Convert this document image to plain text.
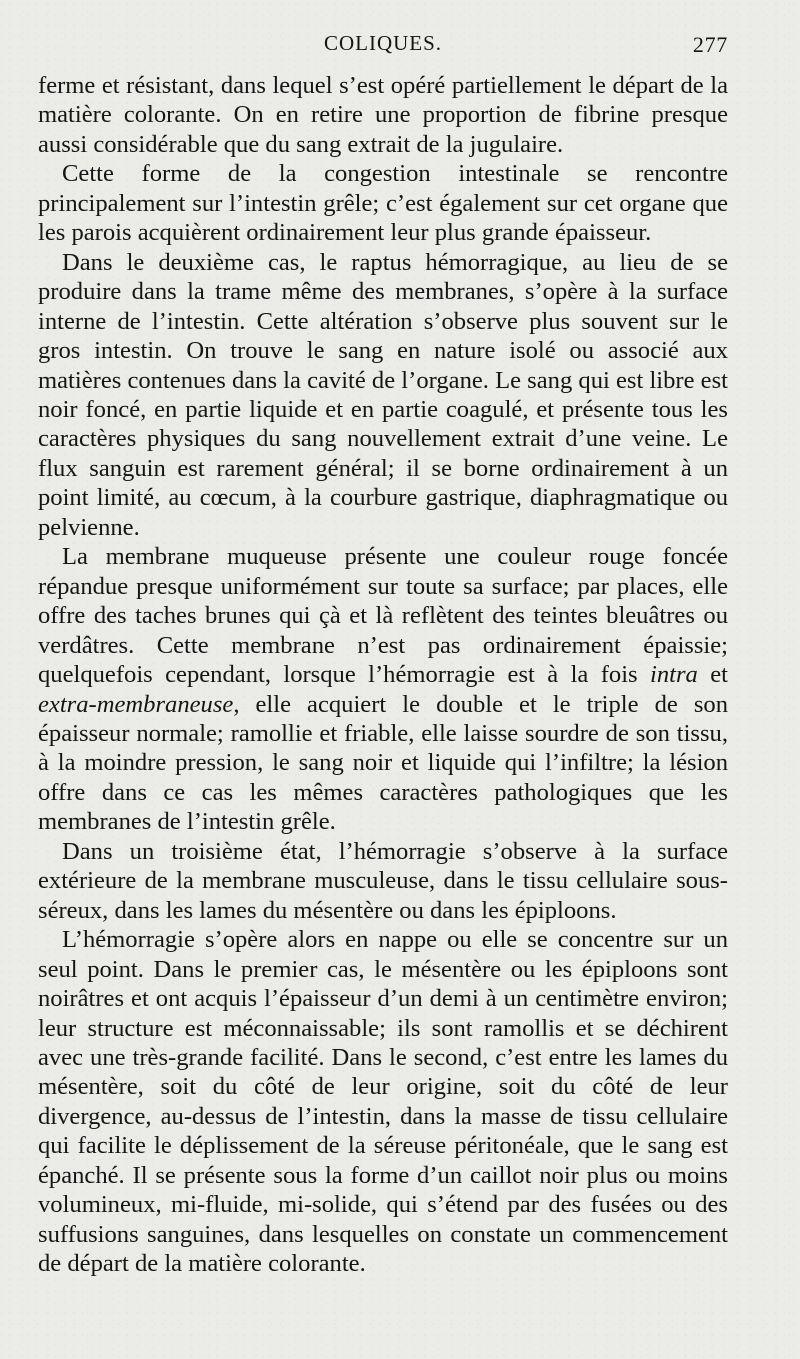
COLIQUES.	277

ferme et résistant, dans lequel s’est opéré partiellement le départ de la matière colorante. On en retire une proportion de fibrine presque aussi considérable que du sang extrait de la jugulaire.

Cette forme de la congestion intestinale se rencontre principalement sur l’intestin grêle; c’est également sur cet organe que les parois acquièrent ordinairement leur plus grande épaisseur.

Dans le deuxième cas, le raptus hémorragique, au lieu de se produire dans la trame même des membranes, s’opère à la surface interne de l’intestin. Cette altération s’observe plus souvent sur le gros intestin. On trouve le sang en nature isolé ou associé aux matières contenues dans la cavité de l’organe. Le sang qui est libre est noir foncé, en partie liquide et en partie coagulé, et présente tous les caractères physiques du sang nouvellement extrait d’une veine. Le flux sanguin est rarement général; il se borne ordinairement à un point limité, au cœcum, à la courbure gastrique, diaphragmatique ou pelvienne.

La membrane muqueuse présente une couleur rouge foncée répandue presque uniformément sur toute sa surface; par places, elle offre des taches brunes qui çà et là reflètent des teintes bleuâtres ou verdâtres. Cette membrane n’est pas ordinairement épaissie; quelquefois cependant, lorsque l’hémorragie est à la fois intra et extra-membraneuse, elle acquiert le double et le triple de son épaisseur normale; ramollie et friable, elle laisse sourdre de son tissu, à la moindre pression, le sang noir et liquide qui l’infiltre; la lésion offre dans ce cas les mêmes caractères pathologiques que les membranes de l’intestin grêle.

Dans un troisième état, l’hémorragie s’observe à la surface extérieure de la membrane musculeuse, dans le tissu cellulaire sous-séreux, dans les lames du mésentère ou dans les épiploons.

L’hémorragie s’opère alors en nappe ou elle se concentre sur un seul point. Dans le premier cas, le mésentère ou les épiploons sont noirâtres et ont acquis l’épaisseur d’un demi à un centimètre environ; leur structure est méconnaissable; ils sont ramollis et se déchirent avec une très-grande facilité. Dans le second, c’est entre les lames du mésentère, soit du côté de leur origine, soit du côté de leur divergence, au-dessus de l’intestin, dans la masse de tissu cellulaire qui facilite le déplissement de la séreuse péritonéale, que le sang est épanché. Il se présente sous la forme d’un caillot noir plus ou moins volumineux, mi-fluide, mi-solide, qui s’étend par des fusées ou des suffusions sanguines, dans lesquelles on constate un commencement de départ de la matière colorante.
